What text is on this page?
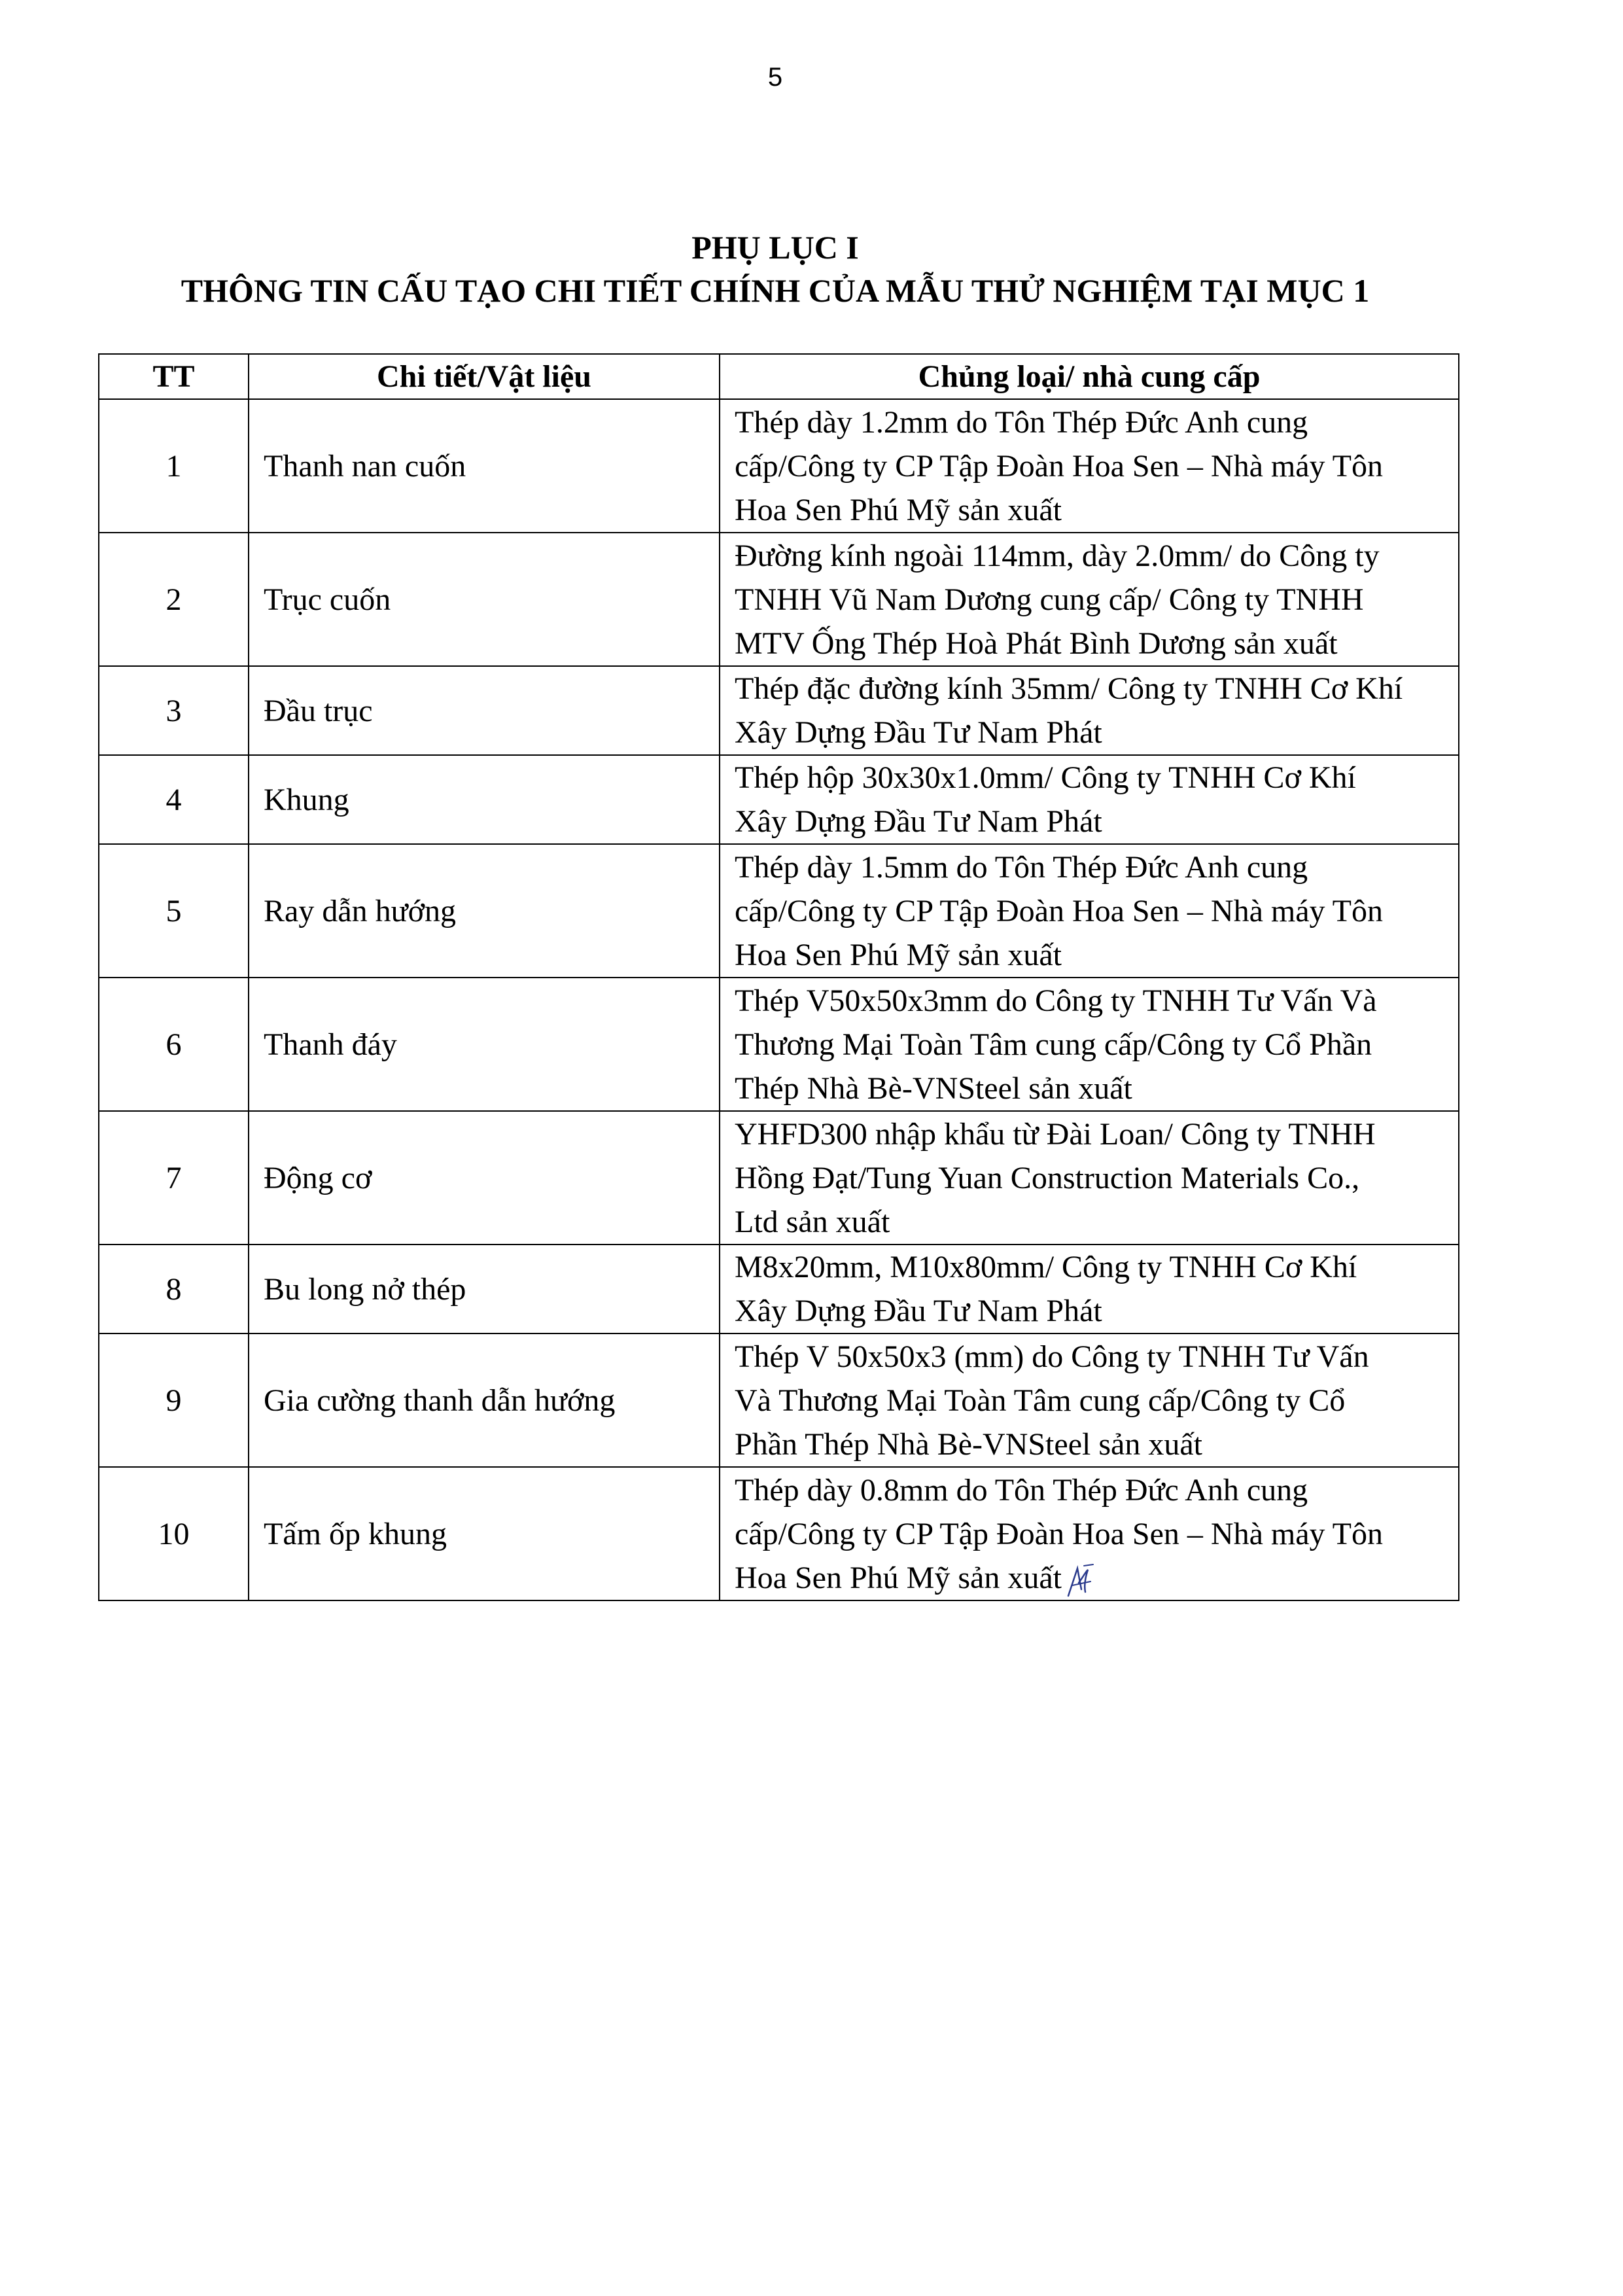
5
PHỤ LỤC I
THÔNG TIN CẤU TẠO CHI TIẾT CHÍNH CỦA MẪU THỬ NGHIỆM TẠI MỤC 1
TT	Chi tiết/Vật liệu	Chủng loại/ nhà cung cấp
1	Thanh nan cuốn	Thép dày 1.2mm do Tôn Thép Đức Anh cung
cấp/Công ty CP Tập Đoàn Hoa Sen – Nhà máy Tôn
Hoa Sen Phú Mỹ sản xuất

2	Trục cuốn	Đường kính ngoài 114mm, dày 2.0mm/ do Công ty
TNHH Vũ Nam Dương cung cấp/ Công ty TNHH
MTV Ống Thép Hoà Phát Bình Dương sản xuất

3	Đầu trục	Thép đặc đường kính 35mm/ Công ty TNHH Cơ Khí
Xây Dựng Đầu Tư Nam Phát

4	Khung	Thép hộp 30x30x1.0mm/ Công ty TNHH Cơ Khí
Xây Dựng Đầu Tư Nam Phát

5	Ray dẫn hướng	Thép dày 1.5mm do Tôn Thép Đức Anh cung
cấp/Công ty CP Tập Đoàn Hoa Sen – Nhà máy Tôn
Hoa Sen Phú Mỹ sản xuất

6	Thanh đáy	Thép V50x50x3mm do Công ty TNHH Tư Vấn Và
Thương Mại Toàn Tâm cung cấp/Công ty Cổ Phần
Thép Nhà Bè-VNSteel sản xuất

7	Động cơ	YHFD300 nhập khẩu từ Đài Loan/ Công ty TNHH
Hồng Đạt/Tung Yuan Construction Materials Co.,
Ltd sản xuất

8	Bu long nở thép	M8x20mm, M10x80mm/ Công ty TNHH Cơ Khí
Xây Dựng Đầu Tư Nam Phát

9	Gia cường thanh dẫn hướng	Thép V 50x50x3 (mm) do Công ty TNHH Tư Vấn
Và Thương Mại Toàn Tâm cung cấp/Công ty Cổ
Phần Thép Nhà Bè-VNSteel sản xuất

10	Tấm ốp khung	Thép dày 0.8mm do Tôn Thép Đức Anh cung
cấp/Công ty CP Tập Đoàn Hoa Sen – Nhà máy Tôn
Hoa Sen Phú Mỹ sản xuất
